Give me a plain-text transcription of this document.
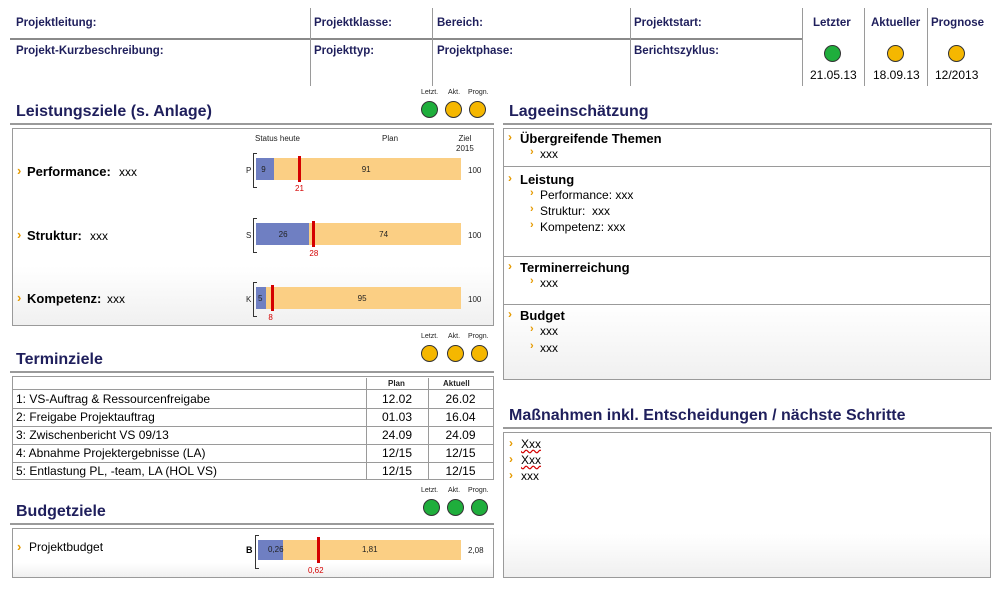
Projektleitung:	Projektklasse:	Bereich:	Projektstart:
Projekt-Kurzbeschreibung:	Projekttyp:	Projektphase:	Berichtszyklus:
Letzter
21.05.13
Aktueller
18.09.13
Prognose
12/2013
Leistungsziele (s. Anlage)
Letzt. Akt. Progn.
Status heute	Plan	Ziel
2015
› Performance: xxx	P	91
9
21
100
› Struktur: xxx	S	74
26
28
100
› Kompetenz: xxx	K	95
5
8
100
Terminziele
Letzt. Akt. Progn.
Plan	Aktuell
1: VS-Auftrag & Ressourcenfreigabe	12.02	26.02
2: Freigabe Projektauftrag	01.03	16.04
3: Zwischenbericht VS 09/13	24.09	24.09
4: Abnahme Projektergebnisse (LA)	12/15	12/15
5: Entlastung PL, -team, LA (HOL VS)	12/15	12/15
Budgetziele
Letzt. Akt. Progn.
› Projektbudget	B 0,26	1,81
0,62
2,08
Lageeinschätzung
› Übergreifende Themen
› xxx
› Leistung
› Performance: xxx
› Struktur:  xxx
› Kompetenz: xxx
› Terminerreichung
› xxx
› Budget
› xxx
› xxx
Maßnahmen inkl. Entscheidungen / nächste Schritte
› Xxx
› Xxx
› xxx
